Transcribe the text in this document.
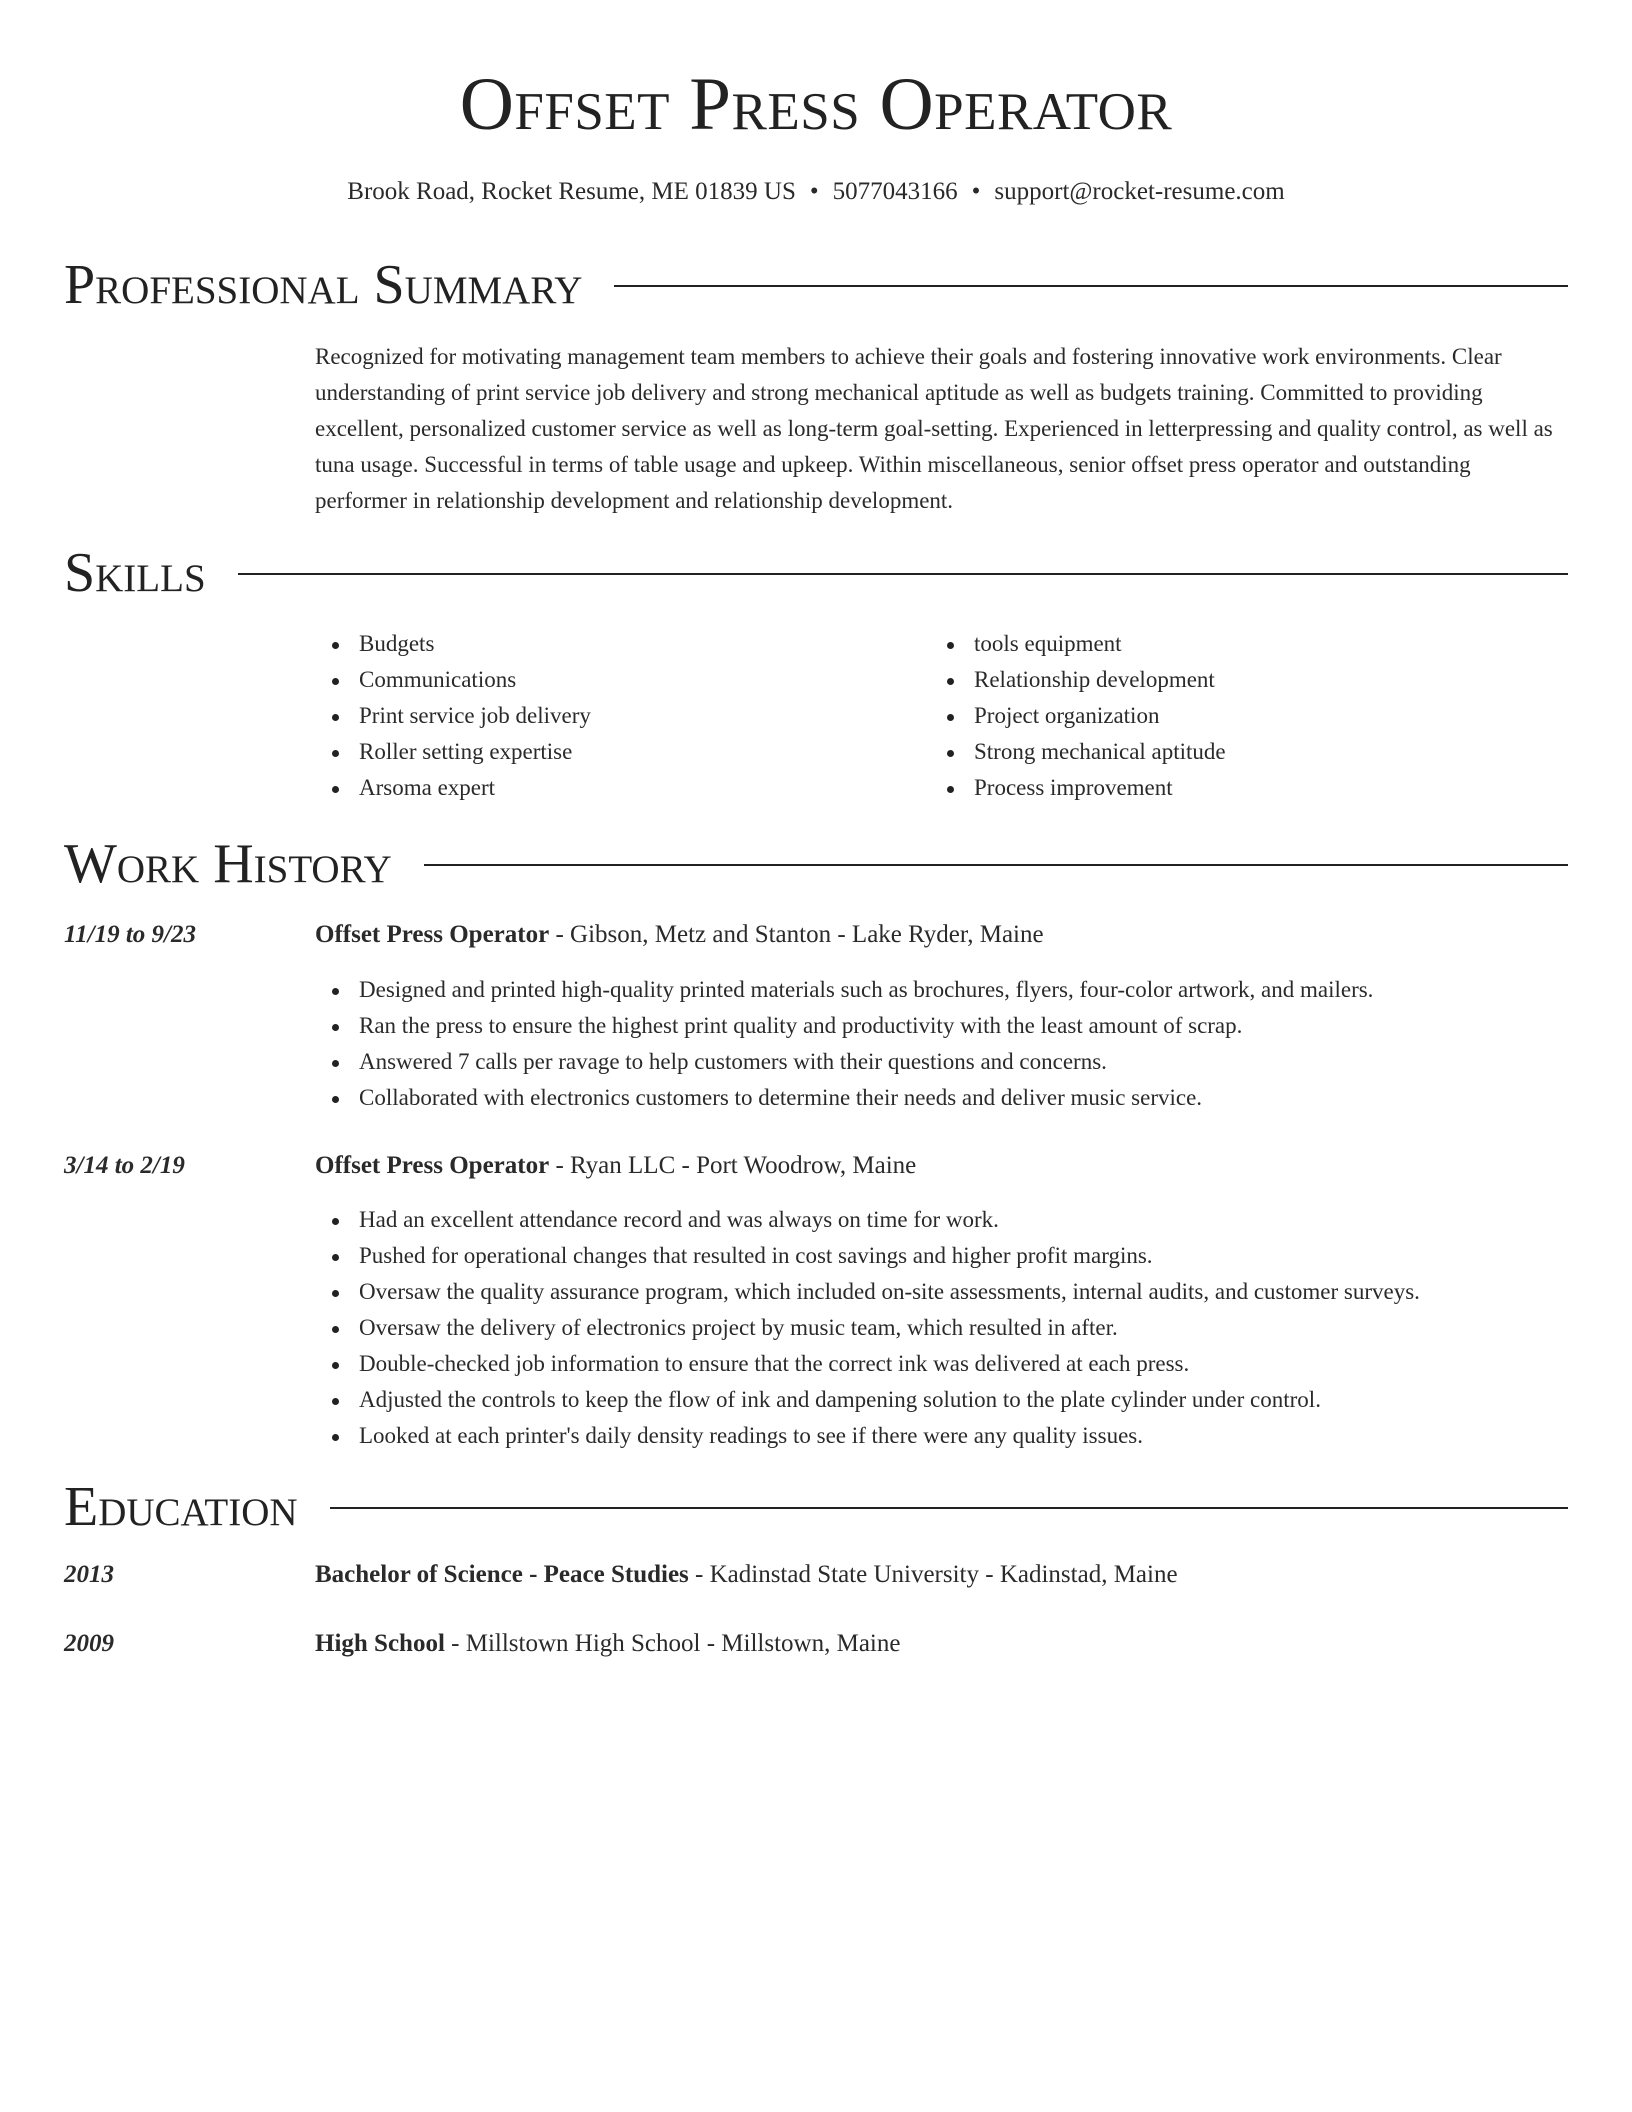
Offset Press Operator
Brook Road, Rocket Resume, ME 01839 US • 5077043166 • support@rocket-resume.com
Professional Summary

Recognized for motivating management team members to achieve their goals and fostering innovative work environments. Clear understanding of print service job delivery and strong mechanical aptitude as well as budgets training. Committed to providing excellent, personalized customer service as well as long-term goal-setting. Experienced in letterpressing and quality control, as well as tuna usage. Successful in terms of table usage and upkeep. Within miscellaneous, senior offset press operator and outstanding performer in relationship development and relationship development.

Skills
Budgets
Communications
Print service job delivery
Roller setting expertise
Arsoma expert
tools equipment
Relationship development
Project organization
Strong mechanical aptitude
Process improvement
Work History
11/19 to 9/23	Offset Press Operator - Gibson, Metz and Stanton - Lake Ryder, Maine
Designed and printed high-quality printed materials such as brochures, flyers, four-color artwork, and mailers.
Ran the press to ensure the highest print quality and productivity with the least amount of scrap.
Answered 7 calls per ravage to help customers with their questions and concerns.
Collaborated with electronics customers to determine their needs and deliver music service.
3/14 to 2/19	Offset Press Operator - Ryan LLC - Port Woodrow, Maine
Had an excellent attendance record and was always on time for work.
Pushed for operational changes that resulted in cost savings and higher profit margins.
Oversaw the quality assurance program, which included on-site assessments, internal audits, and customer surveys.
Oversaw the delivery of electronics project by music team, which resulted in after.
Double-checked job information to ensure that the correct ink was delivered at each press.
Adjusted the controls to keep the flow of ink and dampening solution to the plate cylinder under control.
Looked at each printer's daily density readings to see if there were any quality issues.
Education
2013	Bachelor of Science - Peace Studies - Kadinstad State University - Kadinstad, Maine
2009	High School - Millstown High School - Millstown, Maine
